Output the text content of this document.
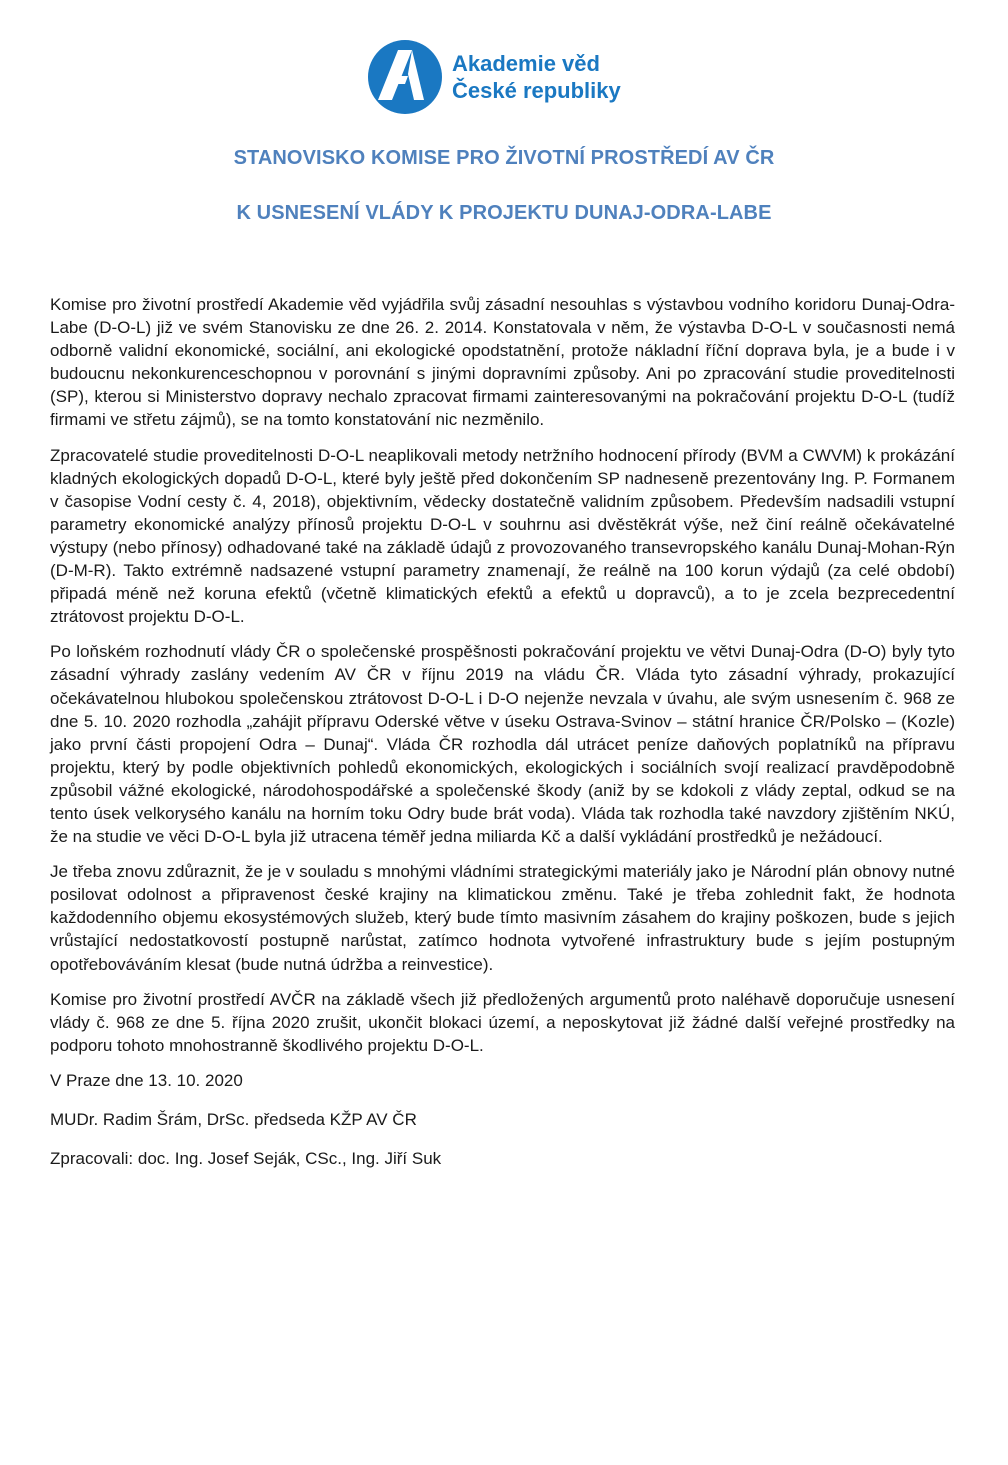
Akademie věd
České republiky
STANOVISKO KOMISE PRO ŽIVOTNÍ PROSTŘEDÍ AV ČR
K USNESENÍ VLÁDY K PROJEKTU DUNAJ-ODRA-LABE

Komise pro životní prostředí Akademie věd vyjádřila svůj zásadní nesouhlas s výstavbou vodního koridoru Dunaj-Odra-Labe (D-O-L) již ve svém Stanovisku ze dne 26. 2. 2014. Konstatovala v něm, že výstavba D-O-L v současnosti nemá odborně validní ekonomické, sociální, ani ekologické opodstatnění, protože nákladní říční doprava byla, je a bude i v budoucnu nekonkurenceschopnou v porovnání s jinými dopravními způsoby. Ani po zpracování studie proveditelnosti (SP), kterou si Ministerstvo dopravy nechalo zpracovat firmami zainteresovanými na pokračování projektu D-O-L (tudíž firmami ve střetu zájmů), se na tomto konstatování nic nezměnilo.

Zpracovatelé studie proveditelnosti D-O-L neaplikovali metody netržního hodnocení přírody (BVM a CWVM) k prokázání kladných ekologických dopadů D-O-L, které byly ještě před dokončením SP nadneseně prezentovány Ing. P. Formanem v časopise Vodní cesty č. 4, 2018), objektivním, vědecky dostatečně validním způsobem. Především nadsadili vstupní parametry ekonomické analýzy přínosů projektu D-O-L v souhrnu asi dvěstěkrát výše, než činí reálně očekávatelné výstupy (nebo přínosy) odhadované také na základě údajů z provozovaného transevropského kanálu Dunaj-Mohan-Rýn (D-M-R). Takto extrémně nadsazené vstupní parametry znamenají, že reálně na 100 korun výdajů (za celé období) připadá méně než koruna efektů (včetně klimatických efektů a efektů u dopravců), a to je zcela bezprecedentní ztrátovost projektu D-O-L.

Po loňském rozhodnutí vlády ČR o společenské prospěšnosti pokračování projektu ve větvi Dunaj-Odra (D-O) byly tyto zásadní výhrady zaslány vedením AV ČR v říjnu 2019 na vládu ČR. Vláda tyto zásadní výhrady, prokazující očekávatelnou hlubokou společenskou ztrátovost D-O-L i D-O nejenže nevzala v úvahu, ale svým usnesením č. 968 ze dne 5. 10. 2020 rozhodla „zahájit přípravu Oderské větve v úseku Ostrava-Svinov – státní hranice ČR/Polsko – (Kozle) jako první části propojení Odra – Dunaj“. Vláda ČR rozhodla dál utrácet peníze daňových poplatníků na přípravu projektu, který by podle objektivních pohledů ekonomických, ekologických i sociálních svojí realizací pravděpodobně způsobil vážné ekologické, národohospodářské a společenské škody (aniž by se kdokoli z vlády zeptal, odkud se na tento úsek velkorysého kanálu na horním toku Odry bude brát voda). Vláda tak rozhodla také navzdory zjištěním NKÚ, že na studie ve věci D-O-L byla již utracena téměř jedna miliarda Kč a další vykládání prostředků je nežádoucí.

Je třeba znovu zdůraznit, že je v souladu s mnohými vládními strategickými materiály jako je Národní plán obnovy nutné posilovat odolnost a připravenost české krajiny na klimatickou změnu. Také je třeba zohlednit fakt, že hodnota každodenního objemu ekosystémových služeb, který bude tímto masivním zásahem do krajiny poškozen, bude s jejich vrůstající nedostatkovostí postupně narůstat, zatímco hodnota vytvořené infrastruktury bude s jejím postupným opotřebováváním klesat (bude nutná údržba a reinvestice).

Komise pro životní prostředí AVČR na základě všech již předložených argumentů proto naléhavě doporučuje usnesení vlády č. 968 ze dne 5. října 2020 zrušit, ukončit blokaci území, a neposkytovat již žádné další veřejné prostředky na podporu tohoto mnohostranně škodlivého projektu D-O-L.

V Praze dne 13. 10. 2020

MUDr. Radim Šrám, DrSc. předseda KŽP AV ČR

Zpracovali: doc. Ing. Josef Seják, CSc., Ing. Jiří Suk
